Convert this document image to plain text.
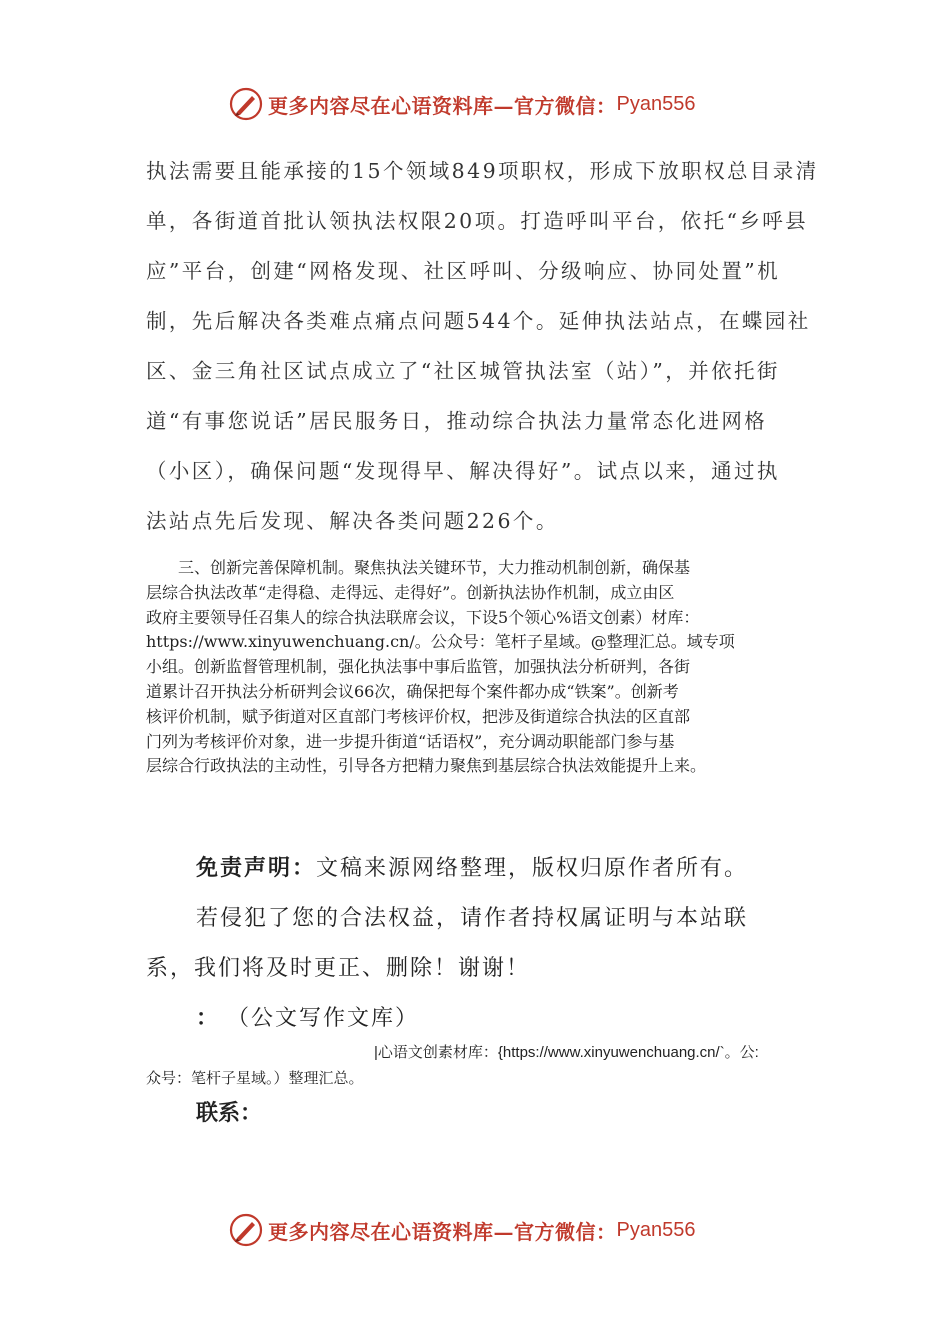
更多内容尽在心语资料库—官方微信： Pyan556
执法需要且能承接的15个领域849项职权，形成下放职权总目录清
单，各街道首批认领执法权限20项。打造呼叫平台，依托“乡呼县
应”平台，创建“网格发现、社区呼叫、分级响应、协同处置”机
制，先后解决各类难点痛点问题544个。延伸执法站点，在蝶园社
区、金三角社区试点成立了“社区城管执法室（站）”，并依托街
道“有事您说话”居民服务日，推动综合执法力量常态化进网格
（小区），确保问题“发现得早、解决得好”。试点以来，通过执
法站点先后发现、解决各类问题226个。
三、创新完善保障机制。聚焦执法关键环节，大力推动机制创新，确保基
层综合执法改革“走得稳、走得远、走得好”。创新执法协作机制，成立由区
政府主要领导任召集人的综合执法联席会议，下设5个领心%语文创素）材库：
https://www.xinyuwenchuang.cn/。公众号：笔杆子星域。@整理汇总。域专项
小组。创新监督管理机制，强化执法事中事后监管，加强执法分析研判，各街
道累计召开执法分析研判会议66次，确保把每个案件都办成“铁案”。创新考
核评价机制，赋予街道对区直部门考核评价权，把涉及街道综合执法的区直部
门列为考核评价对象，进一步提升街道“话语权”，充分调动职能部门参与基
层综合行政执法的主动性，引导各方把精力聚焦到基层综合执法效能提升上来。
免责声明：文稿来源网络整理，版权归原作者所有。
若侵犯了您的合法权益，请作者持权属证明与本站联
系，我们将及时更正、删除！谢谢！
： （公文写作文库）
|心语文创素材库：{https://www.xinyuwenchuang.cn/`。公:
众号：笔杆子星域。）整理汇总。
联系：
更多内容尽在心语资料库—官方微信： Pyan556
